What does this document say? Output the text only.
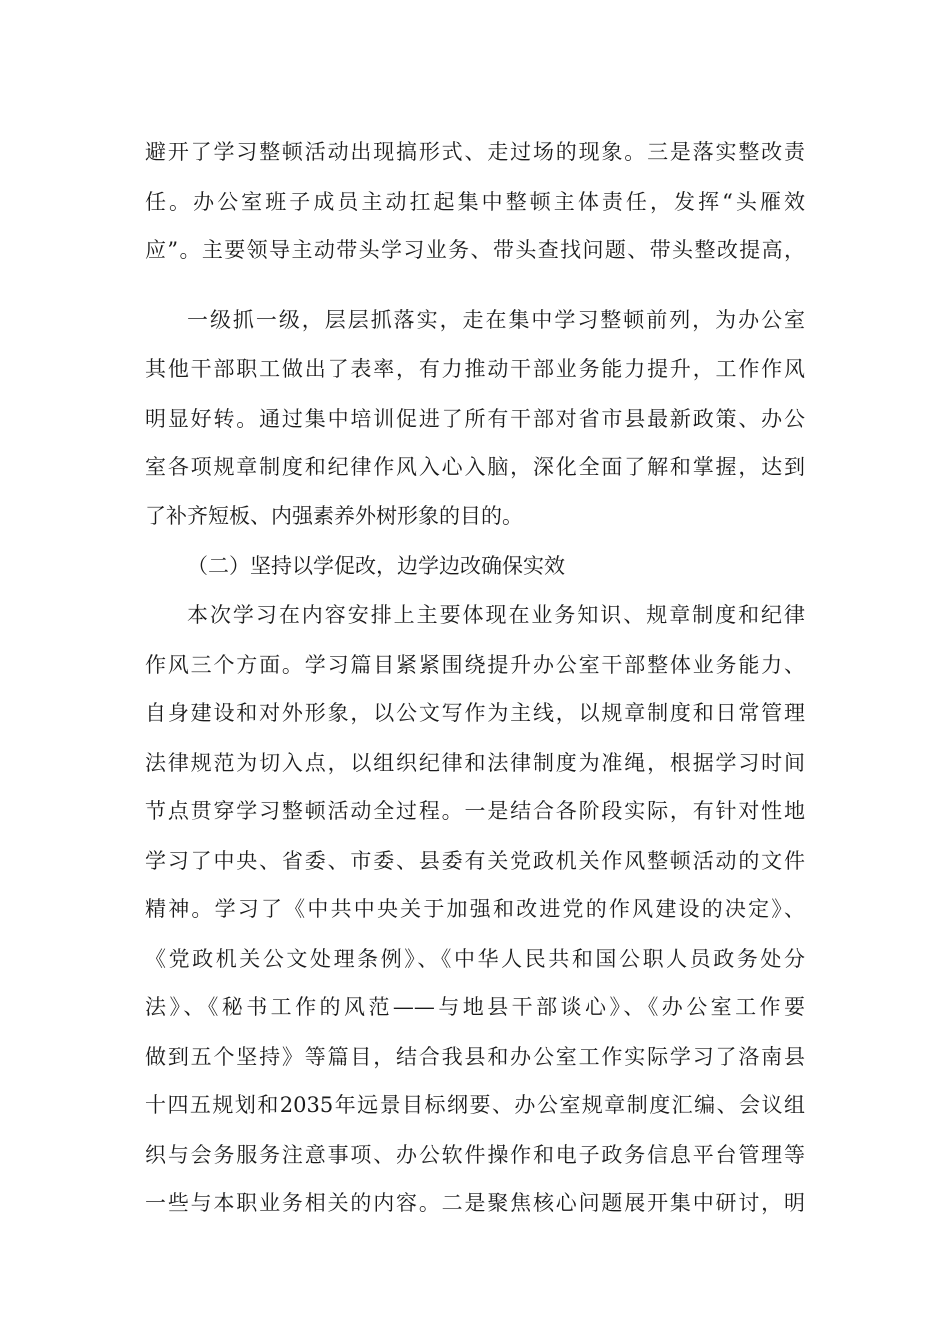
避开了学习整顿活动出现搞形式、走过场的现象。三是落实整改责
任。办公室班子成员主动扛起集中整顿主体责任，发挥“头雁效
应”。主要领导主动带头学习业务、带头查找问题、带头整改提高，
一级抓一级，层层抓落实，走在集中学习整顿前列，为办公室
其他干部职工做出了表率，有力推动干部业务能力提升，工作作风
明显好转。通过集中培训促进了所有干部对省市县最新政策、办公
室各项规章制度和纪律作风入心入脑，深化全面了解和掌握，达到
了补齐短板、内强素养外树形象的目的。
（二）坚持以学促改，边学边改确保实效
本次学习在内容安排上主要体现在业务知识、规章制度和纪律
作风三个方面。学习篇目紧紧围绕提升办公室干部整体业务能力、
自身建设和对外形象，以公文写作为主线，以规章制度和日常管理
法律规范为切入点，以组织纪律和法律制度为准绳，根据学习时间
节点贯穿学习整顿活动全过程。一是结合各阶段实际，有针对性地
学习了中央、省委、市委、县委有关党政机关作风整顿活动的文件
精神。学习了《中共中央关于加强和改进党的作风建设的决定》、
《党政机关公文处理条例》、《中华人民共和国公职人员政务处分
法》、《秘书工作的风范——与地县干部谈心》、《办公室工作要
做到五个坚持》等篇目，结合我县和办公室工作实际学习了洛南县
十四五规划和2035年远景目标纲要、办公室规章制度汇编、会议组
织与会务服务注意事项、办公软件操作和电子政务信息平台管理等
一些与本职业务相关的内容。二是聚焦核心问题展开集中研讨，明
